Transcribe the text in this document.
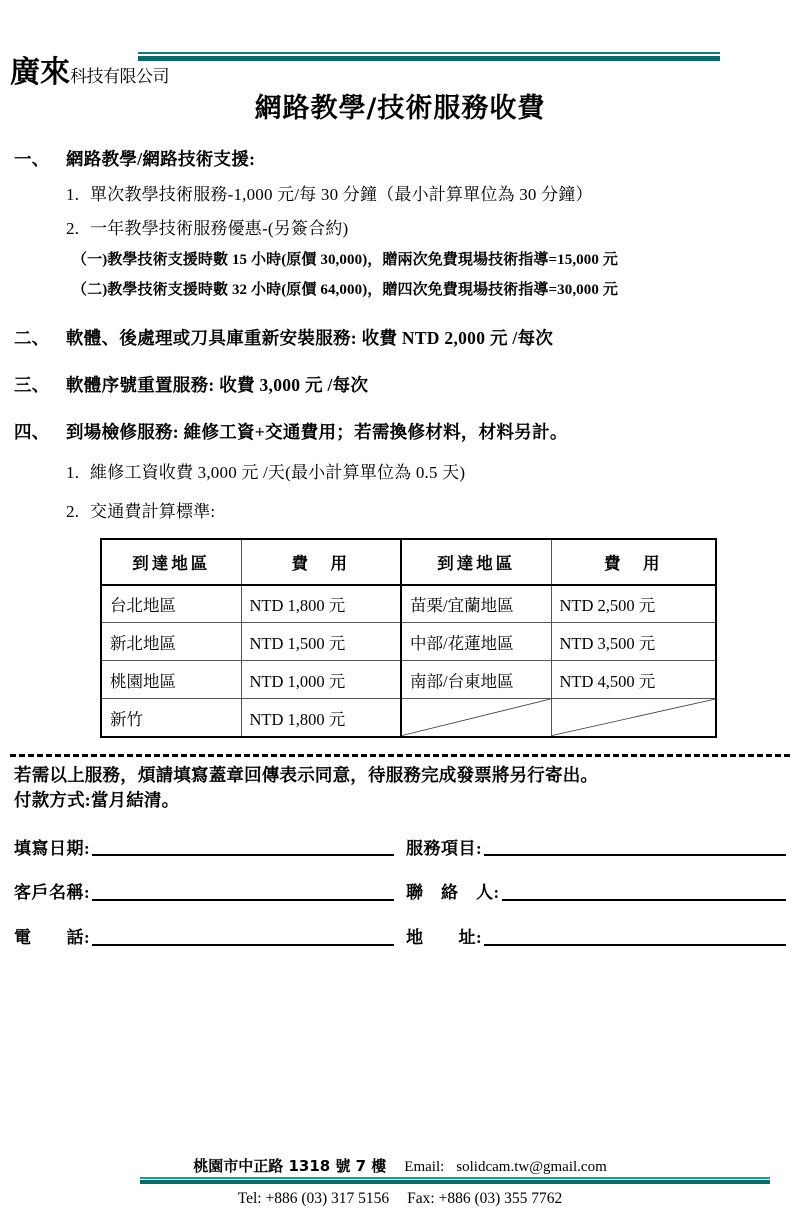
廣來科技有限公司
網路教學/技術服務收費
一、 網路教學/網路技術支援:
1. 單次教學技術服務-1,000 元/每 30 分鐘（最小計算單位為 30 分鐘）
2. 一年教學技術服務優惠-(另簽合約)
（一)教學技術支援時數 15 小時(原價 30,000)，贈兩次免費現場技術指導=15,000 元
（二)教學技術支援時數 32 小時(原價 64,000)，贈四次免費現場技術指導=30,000 元
二、 軟體、後處理或刀具庫重新安裝服務: 收費 NTD 2,000 元 /每次
三、 軟體序號重置服務: 收費 3,000 元 /每次
四、 到場檢修服務: 維修工資+交通費用；若需換修材料，材料另計。
1. 維修工資收費 3,000 元 /天(最小計算單位為 0.5 天)
2. 交通費計算標準:
到達地區	費　用	到達地區	費　用
台北地區	NTD 1,800 元	苗栗/宜蘭地區	NTD 2,500 元
新北地區	NTD 1,500 元	中部/花蓮地區	NTD 3,500 元
桃園地區	NTD 1,000 元	南部/台東地區	NTD 4,500 元
新竹	NTD 1,800 元	

若需以上服務，煩請填寫蓋章回傳表示同意，待服務完成發票將另行寄出。
付款方式:當月結清。
填寫日期:	服務項目:
客戶名稱:	聯　絡　人:
電　　話:	地　　址:
桃園市中正路 1318 號 7 樓 Email: solidcam.tw@gmail.com
Tel: +886 (03) 317 5156 Fax: +886 (03) 355 7762
